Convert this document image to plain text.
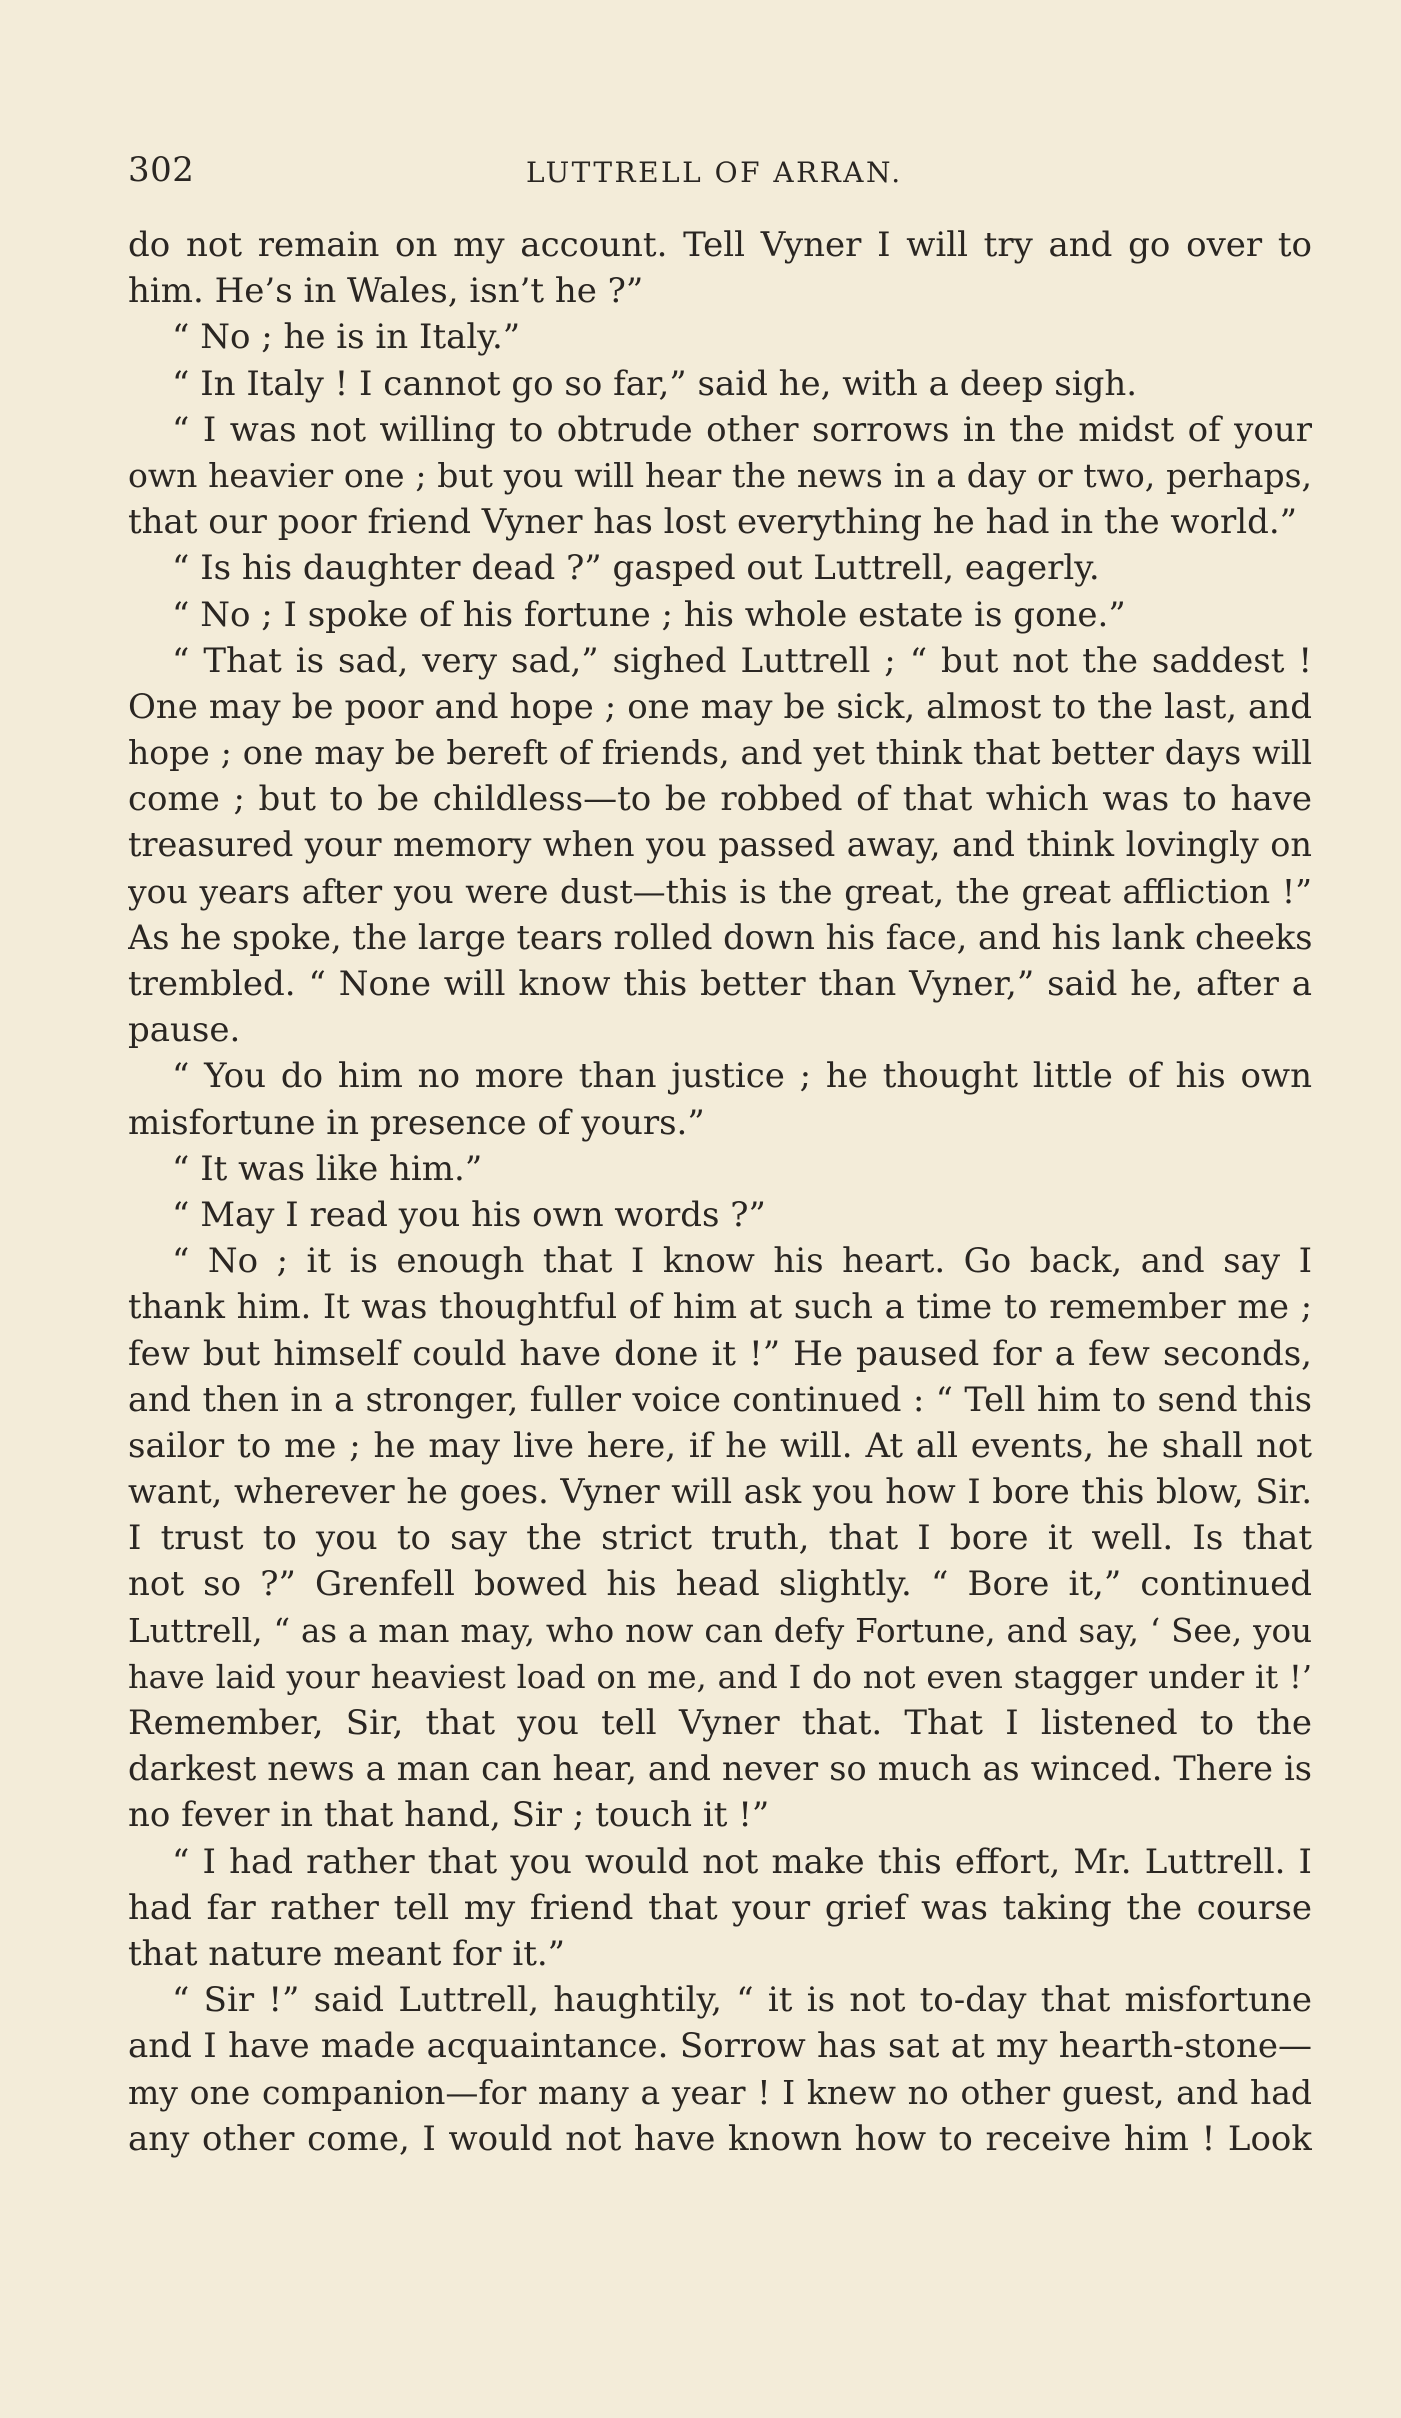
302	LUTTRELL OF ARRAN.
do not remain on my account. Tell Vyner I will try and go over to
him. He’s in Wales, isn’t he ?”
“ No ; he is in Italy.”
“ In Italy ! I cannot go so far,” said he, with a deep sigh.
“ I was not willing to obtrude other sorrows in the midst of your
own heavier one ; but you will hear the news in a day or two, perhaps,
that our poor friend Vyner has lost everything he had in the world.”
“ Is his daughter dead ?” gasped out Luttrell, eagerly.
“ No ; I spoke of his fortune ; his whole estate is gone.”
“ That is sad, very sad,” sighed Luttrell ; “ but not the saddest !
One may be poor and hope ; one may be sick, almost to the last, and
hope ; one may be bereft of friends, and yet think that better days will
come ; but to be childless—to be robbed of that which was to have
treasured your memory when you passed away, and think lovingly on
you years after you were dust—this is the great, the great affliction !”
As he spoke, the large tears rolled down his face, and his lank cheeks
trembled. “ None will know this better than Vyner,” said he, after a
pause.
“ You do him no more than justice ; he thought little of his own
misfortune in presence of yours.”
“ It was like him.”
“ May I read you his own words ?”
“ No ; it is enough that I know his heart. Go back, and say I
thank him. It was thoughtful of him at such a time to remember me ;
few but himself could have done it !” He paused for a few seconds,
and then in a stronger, fuller voice continued : “ Tell him to send this
sailor to me ; he may live here, if he will. At all events, he shall not
want, wherever he goes. Vyner will ask you how I bore this blow, Sir.
I trust to you to say the strict truth, that I bore it well. Is that
not so ?” Grenfell bowed his head slightly. “ Bore it,” continued
Luttrell, “ as a man may, who now can defy Fortune, and say, ‘ See, you
have laid your heaviest load on me, and I do not even stagger under it !’
Remember, Sir, that you tell Vyner that. That I listened to the
darkest news a man can hear, and never so much as winced. There is
no fever in that hand, Sir ; touch it !”
“ I had rather that you would not make this effort, Mr. Luttrell. I
had far rather tell my friend that your grief was taking the course
that nature meant for it.”
“ Sir !” said Luttrell, haughtily, “ it is not to-day that misfortune
and I have made acquaintance. Sorrow has sat at my hearth-stone—
my one companion—for many a year ! I knew no other guest, and had
any other come, I would not have known how to receive him ! Look
